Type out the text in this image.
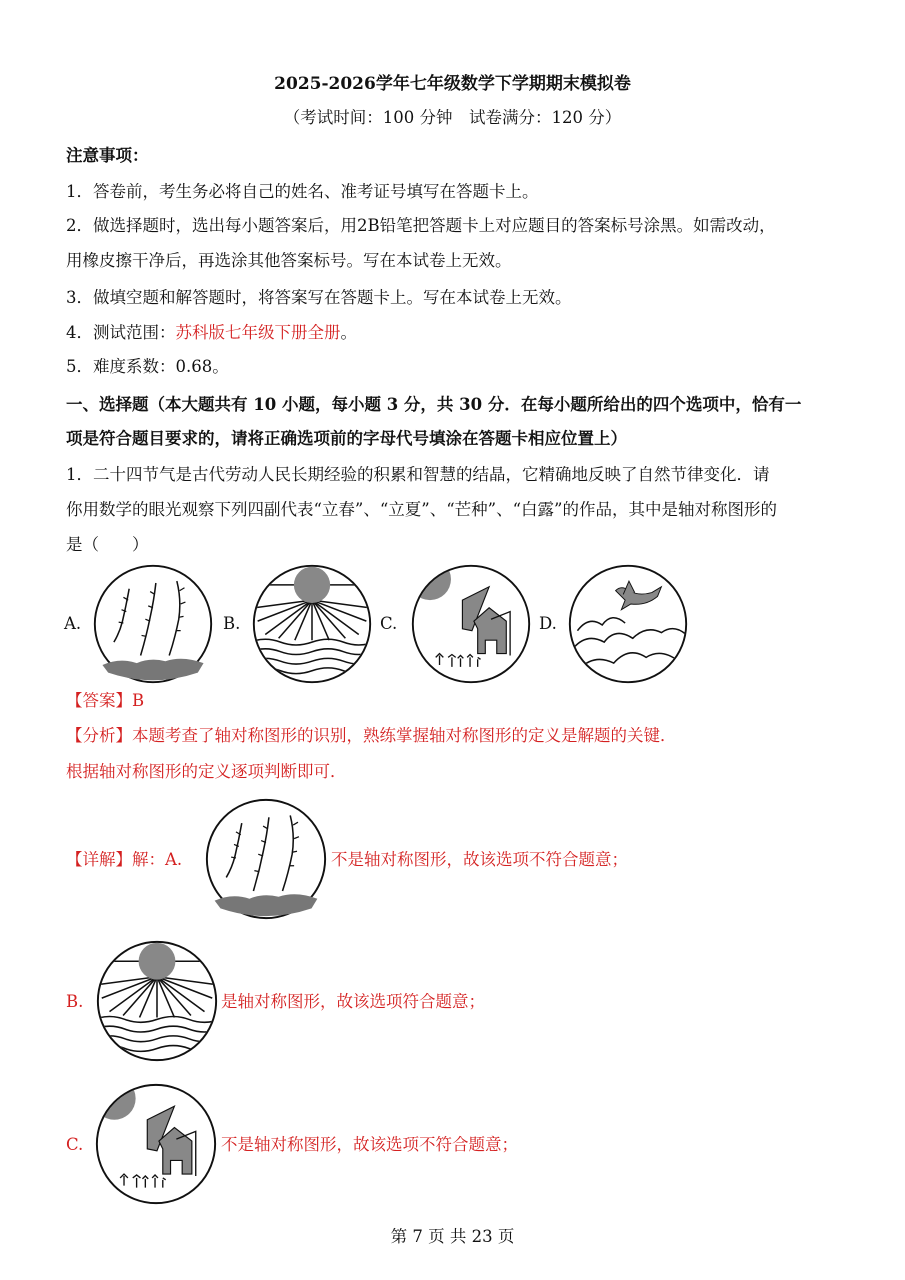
2025-2026学年七年级数学下学期期末模拟卷
（考试时间：100 分钟　试卷满分：120 分）
注意事项：
1．答卷前，考生务必将自己的姓名、准考证号填写在答题卡上。
2．做选择题时，选出每小题答案后，用2B铅笔把答题卡上对应题目的答案标号涂黑。如需改动，
用橡皮擦干净后，再选涂其他答案标号。写在本试卷上无效。
3．做填空题和解答题时，将答案写在答题卡上。写在本试卷上无效。
4．测试范围：苏科版七年级下册全册。
5．难度系数：0.68。
一、选择题（本大题共有 10 小题，每小题 3 分，共 30 分．在每小题所给出的四个选项中，恰有一
项是符合题目要求的，请将正确选项前的字母代号填涂在答题卡相应位置上）
1．二十四节气是古代劳动人民长期经验的积累和智慧的结晶，它精确地反映了自然节律变化．请
你用数学的眼光观察下列四副代表“立春”、“立夏”、“芒种”、“白露”的作品，其中是轴对称图形的
是（　　）
A.	B.	C.	D.
【答案】B
【分析】本题考查了轴对称图形的识别，熟练掌握轴对称图形的定义是解题的关键．
根据轴对称图形的定义逐项判断即可．
【详解】解：A.	不是轴对称图形，故该选项不符合题意；
B.	是轴对称图形，故该选项符合题意；
C.	不是轴对称图形，故该选项不符合题意；
第 7 页 共 23 页
